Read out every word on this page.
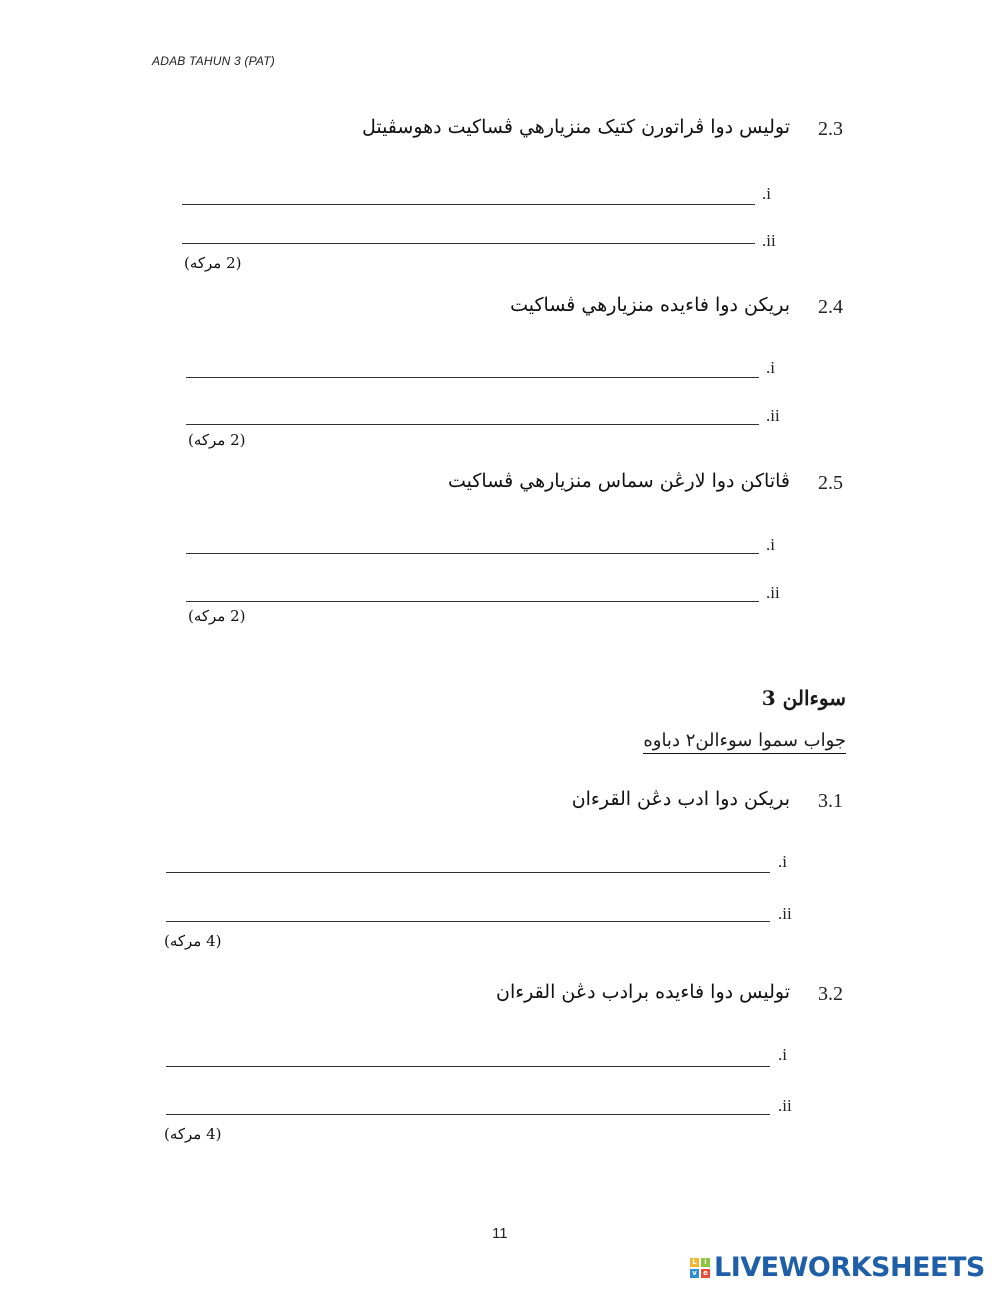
ADAB TAHUN 3 (PAT)
2.3
توليس دوا ڤراتورن کتيک منزيارهي ڤساکيت دهوسڤيتل
.i
.ii
(2 مرکه)
2.4
بريکن دوا فاءيده منزيارهي ڤساکيت
.i
.ii
(2 مرکه)
2.5
ڤاتاکن دوا لارڠن سماس منزيارهي ڤساکيت
.i
.ii
(2 مرکه)
سوءالن 3
جواب سموا سوءالن٢ دباوه
3.1
بريکن دوا ادب دڠن القرءان
.i
.ii
(4 مرکه)
3.2
توليس دوا فاءيده برادب دڠن القرءان
.i
.ii
(4 مرکه)
11
L	i
v e LIVEWORKSHEETS
